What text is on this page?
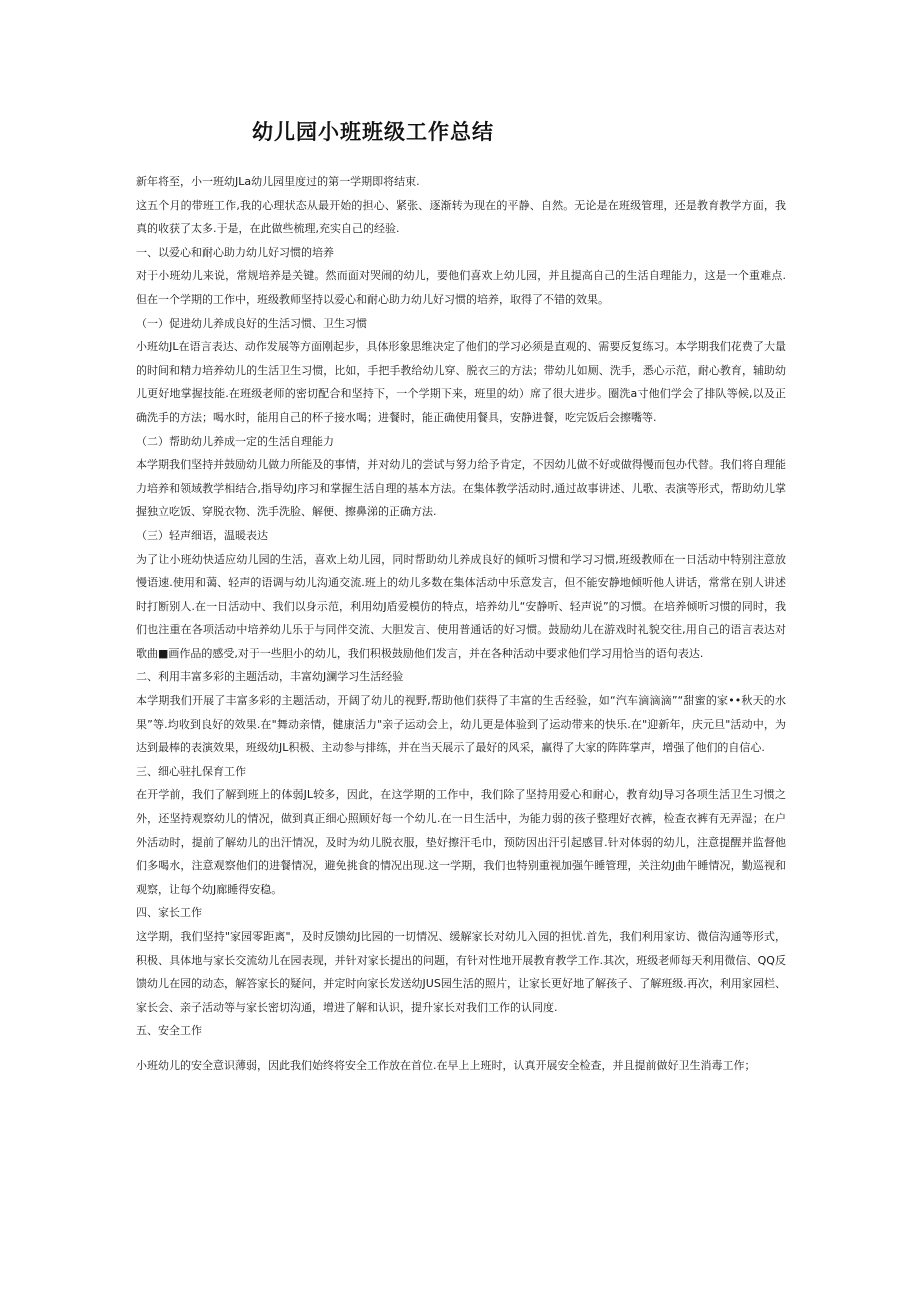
幼儿园小班班级工作总结

新年将至，小一班幼JLa幼儿园里度过的第一学期即将结束.

这五个月的带班工作,我的心理状态从最开始的担心、紧张、逐渐转为现在的平静、自然。无论是在班级管理，还是教育教学方面，我真的收获了太多.于是，在此做些梳理,充实自己的经验.

一、以爱心和耐心助力幼儿好习惯的培养

对于小班幼儿来说，常规培养是关键。然而面对哭闹的幼儿，要他们喜欢上幼儿园，并且提高自己的生活自理能力，这是一个重难点.但在一个学期的工作中，班级教师坚持以爱心和耐心助力幼儿好习惯的培养，取得了不错的效果。

（一）促进幼儿养成良好的生活习惯、卫生习惯

小班幼JL在语言表达、动作发展等方面刚起步，具体形象思维决定了他们的学习必须是直观的、需要反复练习。本学期我们花费了大量的时间和精力培养幼儿的生活卫生习惯，比如，手把手教给幼儿穿、脱衣三的方法；带幼儿如厕、洗手，悉心示范，耐心教育，辅助幼儿更好地掌握技能.在班级老师的密切配合和坚持下，一个学期下来，班里的幼）席了很大进步。圈洗a寸他们学会了排队等候,以及正确洗手的方法；喝水时，能用自己的杯子接水喝；进餐时，能正确使用餐具，安静进餐，吃完饭后会擦嘴等.

（二）帮助幼儿养成一定的生活自理能力

本学期我们坚持并鼓励幼儿做力所能及的事情，并对幼儿的尝试与努力给予肯定，不因幼儿做不好或做得慢而包办代替。我们将自理能力培养和领域教学相结合,指导幼J序习和掌握生活自理的基本方法。在集体教学活动时,通过故事讲述、儿歌、表演等形式，帮助幼儿掌握独立吃饭、穿脱衣物、洗手洗脸、解便、擦鼻涕的正确方法.

（三）轻声细语，温暖表达

为了让小班幼快适应幼儿园的生活，喜欢上幼儿园，同时帮助幼儿养成良好的倾听习惯和学习习惯,班级教师在一日活动中特别注意放慢语速.使用和蔼、轻声的语调与幼儿沟通交流.班上的幼儿多数在集体活动中乐意发言，但不能安静地倾听他人讲话，常常在别人讲述时打断别人.在一日活动中、我们以身示范，利用幼J盾爱模仿的特点，培养幼儿“安静听、轻声说”的习惯。在培养倾听习惯的同时，我们也注重在各项活动中培养幼儿乐于与同伴交流、大胆发言、使用普通话的好习惯。鼓励幼儿在游戏时礼貌交往,用自己的语言表达对歌曲■画作品的感受,对于一些胆小的幼儿，我们积极鼓励他们发言，并在各种活动中要求他们学习用恰当的语句表达.

二、利用丰富多彩的主题活动，丰富幼J澜学习生活经验

本学期我们开展了丰富多彩的主题活动，开阔了幼儿的视野,帮助他们获得了丰富的生舌经验，如“汽车滴滴滴”“甜蜜的家••秋天的水果”等.均收到良好的效果.在"舞动亲情，健康活力"亲子运动会上，幼儿更是体验到了运动带来的快乐.在"迎新年，庆元旦"活动中，为达到最棒的表演效果，班级幼JL积极、主动参与排练，并在当天展示了最好的风采，赢得了大家的阵阵掌声，增强了他们的自信心.

三、细心驻扎保育工作

在开学前，我们了解到班上的体弱JL较多，因此，在这学期的工作中，我们除了坚持用爱心和耐心，教育幼J导习各项生活卫生习惯之外，还坚持观察幼儿的情况，做到真正细心照顾好每一个幼儿.在一日生活中，为能力弱的孩子整理好衣裤，检查衣裤有无弄湿；在户外活动时，提前了解幼儿的出汗情况，及时为幼儿脱衣服，垫好擦汗毛巾，预防因出汗引起感冒.针对体弱的幼儿，注意提醒并监督他们多喝水，注意观察他们的进餐情况，避免挑食的情况出现.这一学期，我们也特别重视加强午睡管理，关注幼J曲午睡情况，勤巡视和观察，让每个幼J廊睡得安稳。

四、家长工作

这学期，我们坚持"家园零距离"，及时反馈幼J比园的一切情况、缓解家长对幼儿入园的担忧.首先，我们利用家访、微信沟通等形式，积极、具体地与家长交流幼儿在园表现，并针对家长提出的问题，有针对性地开展教育教学工作.其次，班级老师每天利用微信、QQ反馈幼儿在园的动态，解答家长的疑问，并定时向家长发送幼JUS园生活的照片，让家长更好地了解孩子、了解班级.再次，利用家园栏、家长会、亲子活动等与家长密切沟通，增进了解和认识，提升家长对我们工作的认同度.

五、安全工作

小班幼儿的安全意识薄弱，因此我们始终将安全工作放在首位.在早上上班时，认真开展安全检查，并且提前做好卫生消毒工作；
